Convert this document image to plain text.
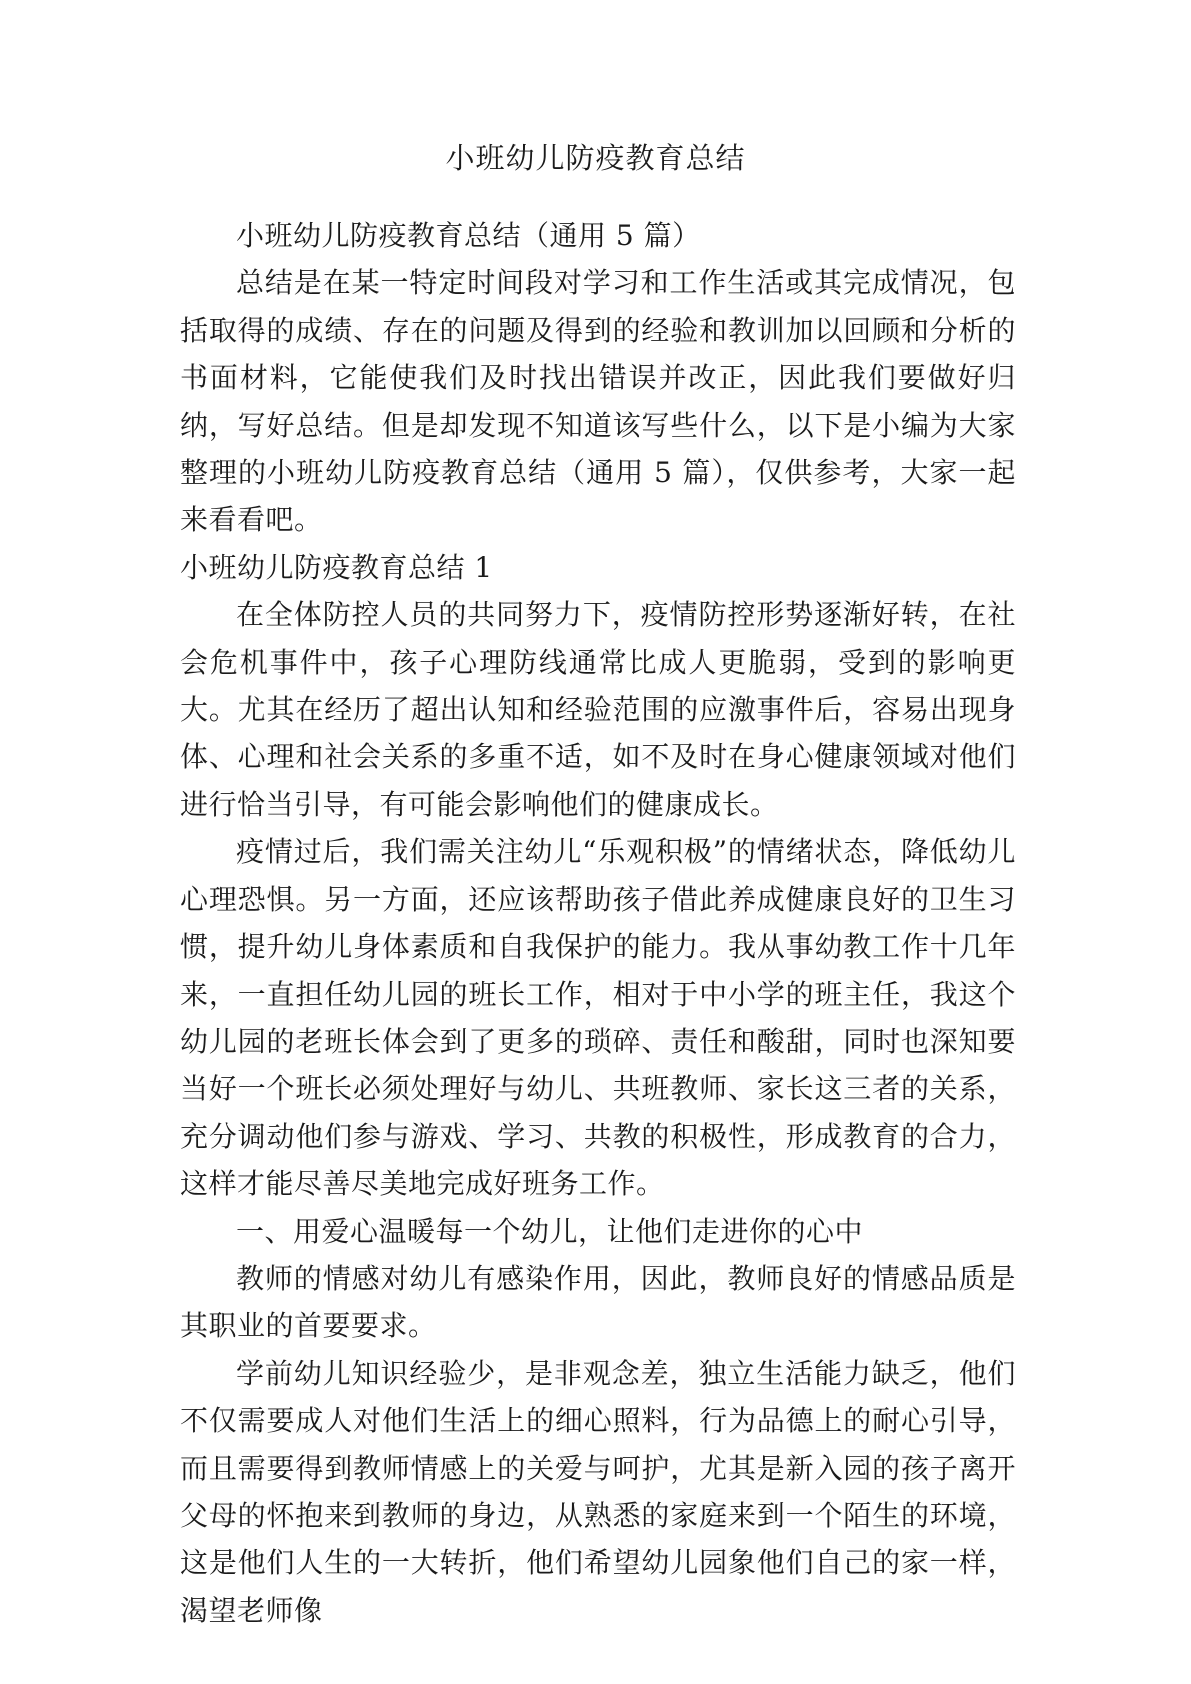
小班幼儿防疫教育总结

小班幼儿防疫教育总结（通用 5 篇）

总结是在某一特定时间段对学习和工作生活或其完成情况，包括取得的成绩、存在的问题及得到的经验和教训加以回顾和分析的书面材料，它能使我们及时找出错误并改正，因此我们要做好归纳，写好总结。但是却发现不知道该写些什么，以下是小编为大家整理的小班幼儿防疫教育总结（通用 5 篇），仅供参考，大家一起来看看吧。

小班幼儿防疫教育总结 1

在全体防控人员的共同努力下，疫情防控形势逐渐好转，在社会危机事件中，孩子心理防线通常比成人更脆弱，受到的影响更大。尤其在经历了超出认知和经验范围的应激事件后，容易出现身体、心理和社会关系的多重不适，如不及时在身心健康领域对他们进行恰当引导，有可能会影响他们的健康成长。

疫情过后，我们需关注幼儿“乐观积极”的情绪状态，降低幼儿心理恐惧。另一方面，还应该帮助孩子借此养成健康良好的卫生习惯，提升幼儿身体素质和自我保护的能力。我从事幼教工作十几年来，一直担任幼儿园的班长工作，相对于中小学的班主任，我这个幼儿园的老班长体会到了更多的琐碎、责任和酸甜，同时也深知要当好一个班长必须处理好与幼儿、共班教师、家长这三者的关系，充分调动他们参与游戏、学习、共教的积极性，形成教育的合力，这样才能尽善尽美地完成好班务工作。

一、用爱心温暖每一个幼儿，让他们走进你的心中

教师的情感对幼儿有感染作用，因此，教师良好的情感品质是其职业的首要要求。

学前幼儿知识经验少，是非观念差，独立生活能力缺乏，他们不仅需要成人对他们生活上的细心照料，行为品德上的耐心引导，而且需要得到教师情感上的关爱与呵护，尤其是新入园的孩子离开父母的怀抱来到教师的身边，从熟悉的家庭来到一个陌生的环境，这是他们人生的一大转折，他们希望幼儿园象他们自己的家一样，渴望老师像
